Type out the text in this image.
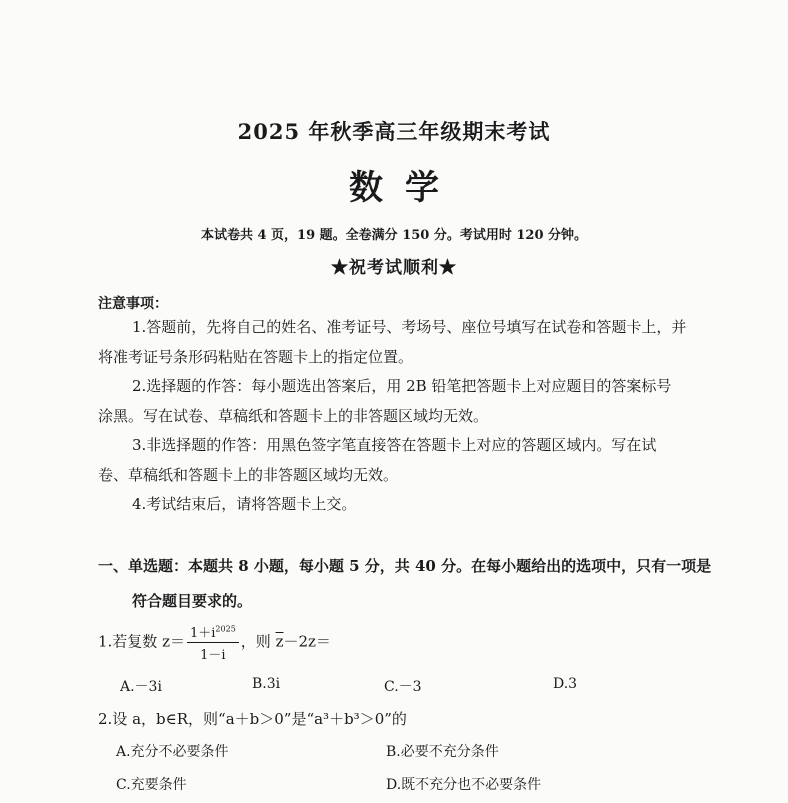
2025 年秋季高三年级期末考试
数学
本试卷共 4 页，19 题。全卷满分 150 分。考试用时 120 分钟。
★祝考试顺利★
注意事项：
1.答题前，先将自己的姓名、准考证号、考场号、座位号填写在试卷和答题卡上，并
将准考证号条形码粘贴在答题卡上的指定位置。
2.选择题的作答：每小题选出答案后，用 2B 铅笔把答题卡上对应题目的答案标号
涂黑。写在试卷、草稿纸和答题卡上的非答题区域均无效。
3.非选择题的作答：用黑色签字笔直接答在答题卡上对应的答题区域内。写在试
卷、草稿纸和答题卡上的非答题区域均无效。
4.考试结束后，请将答题卡上交。
一、单选题：本题共 8 小题，每小题 5 分，共 40 分。在每小题给出的选项中，只有一项是
符合题目要求的。
1.若复数 $z= \frac{1+i^{2025}}{1-i}$ ，则 $\overline{z}-2z=$
A.－3i	B.3i	C.－3	D.3
2.设 a，b∈R，则“a＋b＞0”是“a³＋b³＞0”的
A.充分不必要条件	B.必要不充分条件
C.充要条件	D.既不充分也不必要条件
